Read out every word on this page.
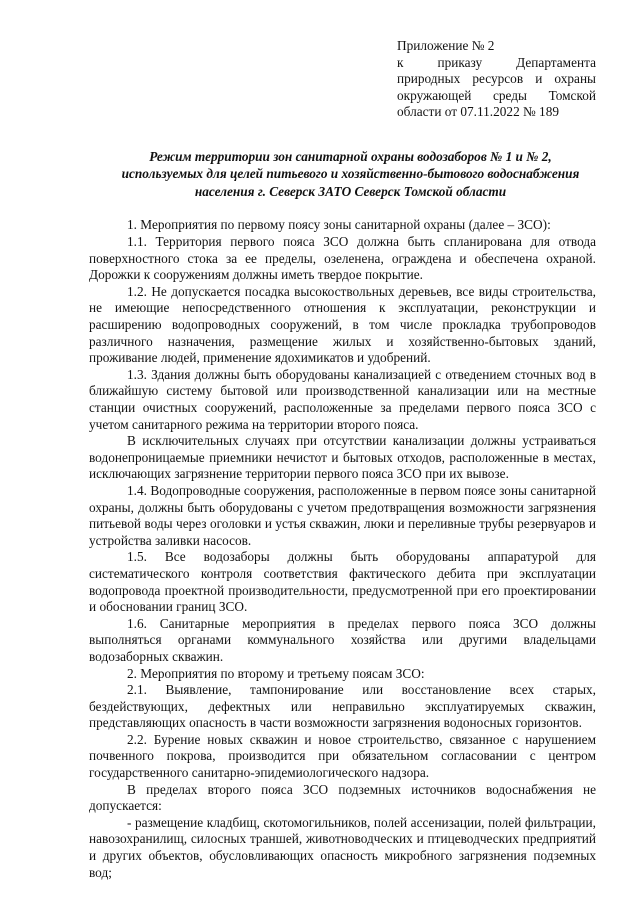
Приложение № 2
к приказу Департамента природных ресурсов и охраны окружающей среды Томской области от 07.11.2022 № 189
Режим территории зон санитарной охраны водозаборов № 1 и № 2, используемых для целей питьевого и хозяйственно-бытового водоснабжения населения г. Северск ЗАТО Северск Томской области

1. Мероприятия по первому поясу зоны санитарной охраны (далее – ЗСО):

1.1. Территория первого пояса ЗСО должна быть спланирована для отвода поверхностного стока за ее пределы, озеленена, ограждена и обеспечена охраной. Дорожки к сооружениям должны иметь твердое покрытие.

1.2. Не допускается посадка высокоствольных деревьев, все виды строительства, не имеющие непосредственного отношения к эксплуатации, реконструкции и расширению водопроводных сооружений, в том числе прокладка трубопроводов различного назначения, размещение жилых и хозяйственно-бытовых зданий, проживание людей, применение ядохимикатов и удобрений.

1.3. Здания должны быть оборудованы канализацией с отведением сточных вод в ближайшую систему бытовой или производственной канализации или на местные станции очистных сооружений, расположенные за пределами первого пояса ЗСО с учетом санитарного режима на территории второго пояса.

В исключительных случаях при отсутствии канализации должны устраиваться водонепроницаемые приемники нечистот и бытовых отходов, расположенные в местах, исключающих загрязнение территории первого пояса ЗСО при их вывозе.

1.4. Водопроводные сооружения, расположенные в первом поясе зоны санитарной охраны, должны быть оборудованы с учетом предотвращения возможности загрязнения питьевой воды через оголовки и устья скважин, люки и переливные трубы резервуаров и устройства заливки насосов.

1.5. Все водозаборы должны быть оборудованы аппаратурой для систематического контроля соответствия фактического дебита при эксплуатации водопровода проектной производительности, предусмотренной при его проектировании и обосновании границ ЗСО.

1.6. Санитарные мероприятия в пределах первого пояса ЗСО должны выполняться органами коммунального хозяйства или другими владельцами водозаборных скважин.

2. Мероприятия по второму и третьему поясам ЗСО:

2.1. Выявление, тампонирование или восстановление всех старых, бездействующих, дефектных или неправильно эксплуатируемых скважин, представляющих опасность в части возможности загрязнения водоносных горизонтов.

2.2. Бурение новых скважин и новое строительство, связанное с нарушением почвенного покрова, производится при обязательном согласовании с центром государственного санитарно-эпидемиологического надзора.

В пределах второго пояса ЗСО подземных источников водоснабжения не допускается:

- размещение кладбищ, скотомогильников, полей ассенизации, полей фильтрации, навозохранилищ, силосных траншей, животноводческих и птицеводческих предприятий и других объектов, обусловливающих опасность микробного загрязнения подземных вод;
